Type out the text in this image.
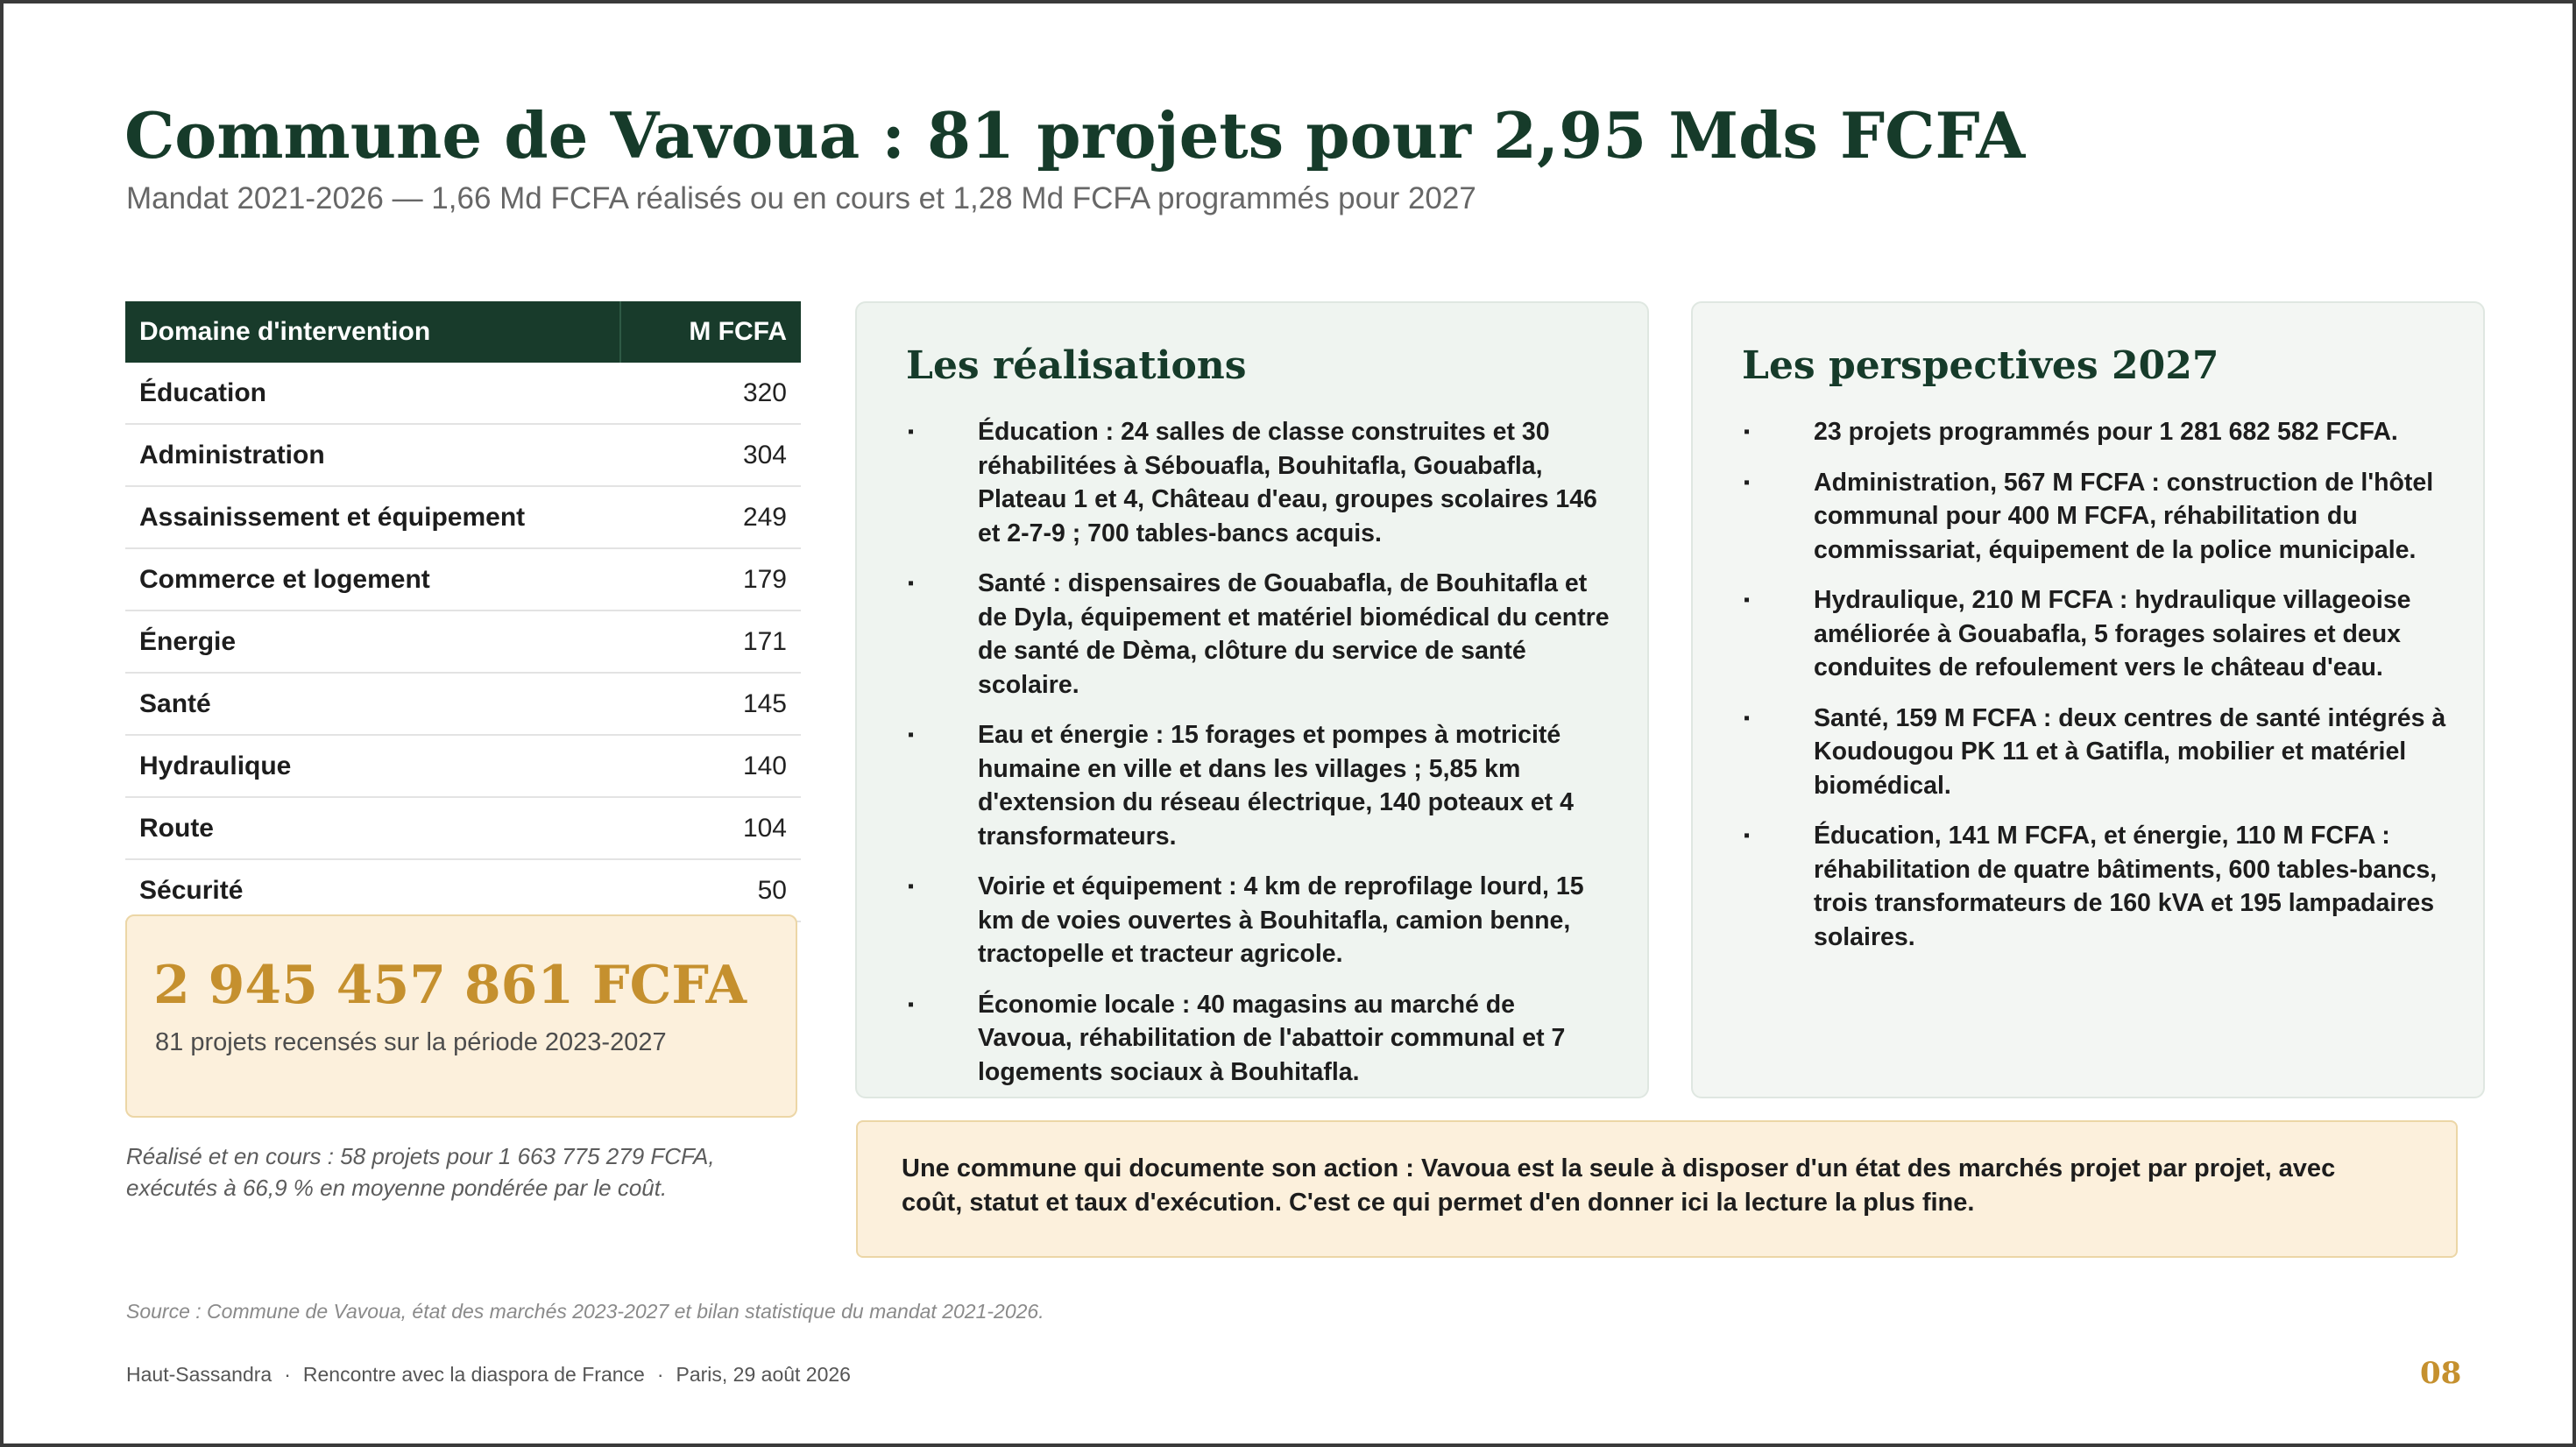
Commune de Vavoua : 81 projets pour 2,95 Mds FCFA
Mandat 2021-2026 — 1,66 Md FCFA réalisés ou en cours et 1,28 Md FCFA programmés pour 2027
Domaine d'intervention	M FCFA
Éducation	320
Administration	304
Assainissement et équipement	249
Commerce et logement	179
Énergie	171
Santé	145
Hydraulique	140
Route	104
Sécurité	50
2 945 457 861 FCFA
81 projets recensés sur la période 2023-2027
Réalisé et en cours : 58 projets pour 1 663 775 279 FCFA, exécutés à 66,9 % en moyenne pondérée par le coût.
Les réalisations
▪	Éducation : 24 salles de classe construites et 30 réhabilitées à Sébouafla, Bouhitafla, Gouabafla, Plateau 1 et 4, Château d'eau, groupes scolaires 146 et 2-7-9 ; 700 tables-bancs acquis.
▪	Santé : dispensaires de Gouabafla, de Bouhitafla et de Dyla, équipement et matériel biomédical du centre de santé de Dèma, clôture du service de santé scolaire.
▪	Eau et énergie : 15 forages et pompes à motricité humaine en ville et dans les villages ; 5,85 km d'extension du réseau électrique, 140 poteaux et 4 transformateurs.
▪	Voirie et équipement : 4 km de reprofilage lourd, 15 km de voies ouvertes à Bouhitafla, camion benne, tractopelle et tracteur agricole.
▪	Économie locale : 40 magasins au marché de Vavoua, réhabilitation de l'abattoir communal et 7 logements sociaux à Bouhitafla.
Les perspectives 2027
▪	23 projets programmés pour 1 281 682 582 FCFA.
▪	Administration, 567 M FCFA : construction de l'hôtel communal pour 400 M FCFA, réhabilitation du commissariat, équipement de la police municipale.
▪	Hydraulique, 210 M FCFA : hydraulique villageoise améliorée à Gouabafla, 5 forages solaires et deux conduites de refoulement vers le château d'eau.
▪	Santé, 159 M FCFA : deux centres de santé intégrés à Koudougou PK 11 et à Gatifla, mobilier et matériel biomédical.
▪	Éducation, 141 M FCFA, et énergie, 110 M FCFA : réhabilitation de quatre bâtiments, 600 tables-bancs, trois transformateurs de 160 kVA et 195 lampadaires solaires.

Une commune qui documente son action : Vavoua est la seule à disposer d'un état des marchés projet par projet, avec coût, statut et taux d'exécution. C'est ce qui permet d'en donner ici la lecture la plus fine.

Source : Commune de Vavoua, état des marchés 2023-2027 et bilan statistique du mandat 2021-2026.
Haut-Sassandra · Rencontre avec la diaspora de France · Paris, 29 août 2026	08
